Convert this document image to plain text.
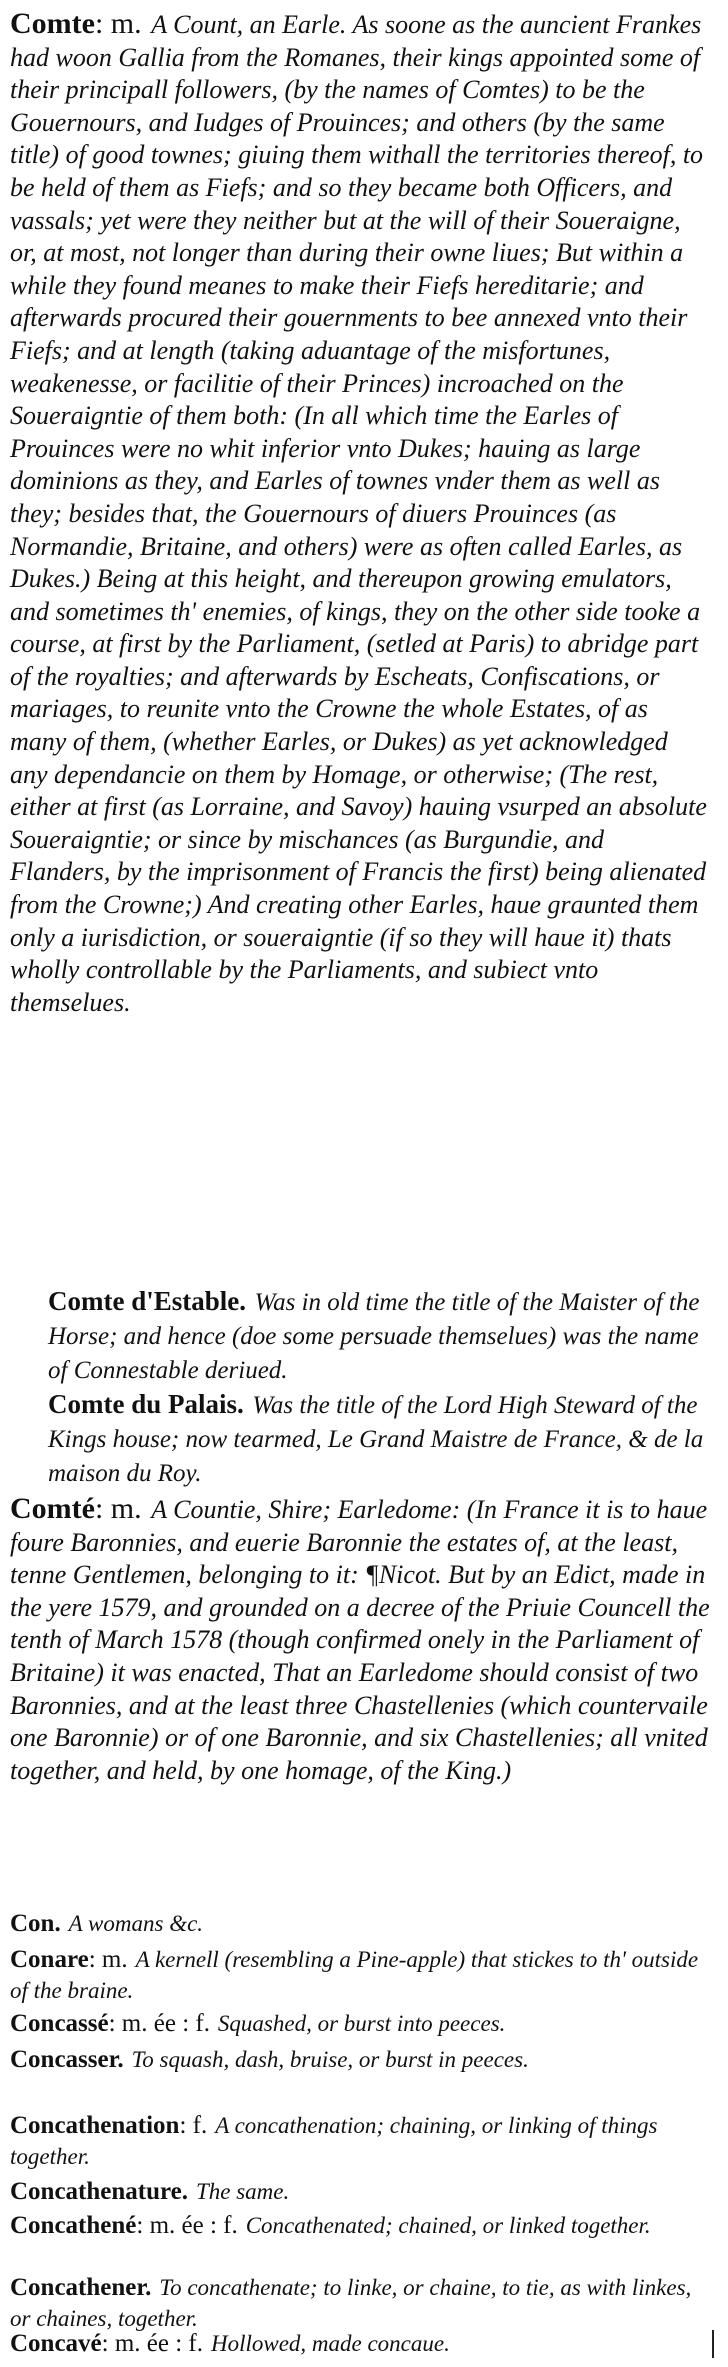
Comte: m. A Count, an Earle. As soone as the auncient Frankes had woon Gallia from the Romanes, their kings appointed some of their principall followers, (by the names of Comtes) to be the Gouernours, and Iudges of Prouinces; and others (by the same title) of good townes; giuing them withall the territories thereof, to be held of them as Fiefs; and so they became both Officers, and vassals; yet were they neither but at the will of their Soueraigne, or, at most, not longer than during their owne liues; But within a while they found meanes to make their Fiefs hereditarie; and afterwards procured their gouernments to bee annexed vnto their Fiefs; and at length (taking aduantage of the misfortunes, weakenesse, or facilitie of their Princes) incroached on the Soueraigntie of them both: (In all which time the Earles of Prouinces were no whit inferior vnto Dukes; hauing as large dominions as they, and Earles of townes vnder them as well as they; besides that, the Gouernours of diuers Prouinces (as Normandie, Britaine, and others) were as often called Earles, as Dukes.) Being at this height, and thereupon growing emulators, and sometimes th' enemies, of kings, they on the other side tooke a course, at first by the Parliament, (setled at Paris) to abridge part of the royalties; and afterwards by Escheats, Confiscations, or mariages, to reunite vnto the Crowne the whole Estates, of as many of them, (whether Earles, or Dukes) as yet acknowledged any dependancie on them by Homage, or otherwise; (The rest, either at first (as Lorraine, and Savoy) hauing vsurped an absolute Soueraigntie; or since by mischances (as Burgundie, and Flanders, by the imprisonment of Francis the first) being alienated from the Crowne;) And creating other Earles, haue graunted them only a iurisdiction, or soueraigntie (if so they will haue it) thats wholly controllable by the Parliaments, and subiect vnto themselues.
Comte d'Estable. Was in old time the title of the Maister of the Horse; and hence (doe some persuade themselues) was the name of Connestable deriued.
Comte du Palais. Was the title of the Lord High Steward of the Kings house; now tearmed, Le Grand Maistre de France, & de la maison du Roy.
Comté: m. A Countie, Shire; Earledome: (In France it is to haue foure Baronnies, and euerie Baronnie the estates of, at the least, tenne Gentlemen, belonging to it: ¶Nicot. But by an Edict, made in the yere 1579, and grounded on a decree of the Priuie Councell the tenth of March 1578 (though confirmed onely in the Parliament of Britaine) it was enacted, That an Earledome should consist of two Baronnies, and at the least three Chastellenies (which countervaile one Baronnie) or of one Baronnie, and six Chastellenies; all vnited together, and held, by one homage, of the King.)
Con. A womans &c.
Conare: m. A kernell (resembling a Pine-apple) that stickes to th' outside of the braine.
Concassé: m. ée : f. Squashed, or burst into peeces.
Concasser. To squash, dash, bruise, or burst in peeces.
Concathenation: f. A concathenation; chaining, or linking of things together.
Concathenature. The same.
Concathené: m. ée : f. Concathenated; chained, or linked together.
Concathener. To concathenate; to linke, or chaine, to tie, as with linkes, or chaines, together.
Concavé: m. ée : f. Hollowed, made concaue.
